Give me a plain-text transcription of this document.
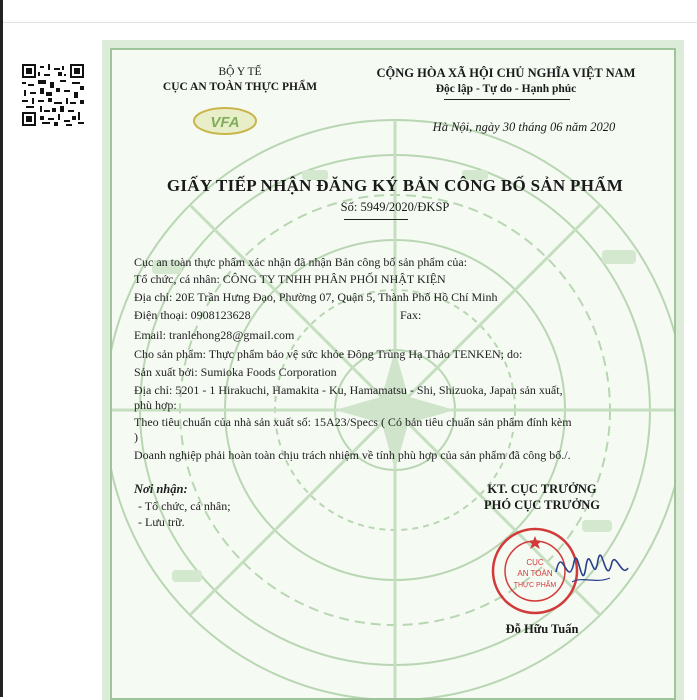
BỘ Y TẾ
CỤC AN TOÀN THỰC PHẨM
VFA
CỘNG HÒA XÃ HỘI CHỦ NGHĨA VIỆT NAM
Độc lập - Tự do - Hạnh phúc
Hà Nội, ngày 30 tháng 06 năm 2020
GIẤY TIẾP NHẬN ĐĂNG KÝ BẢN CÔNG BỐ SẢN PHẨM
Số: 5949/2020/ĐKSP
Cục an toàn thực phẩm xác nhận đã nhận Bản công bố sản phẩm của:
Tổ chức, cá nhân: CÔNG TY TNHH PHÂN PHỐI NHẬT KIỆN
Địa chỉ: 20E Trần Hưng Đạo, Phường 07, Quận 5, Thành Phố Hồ Chí Minh
Điện thoại: 0908123628	Fax:
Email: tranlehong28@gmail.com
Cho sản phẩm: Thực phẩm bảo vệ sức khỏe Đông Trùng Hạ Thảo TENKEN; do:
Sản xuất bởi: Sumioka Foods Corporation
Địa chỉ: 5201 - 1 Hirakuchi, Hamakita - Ku, Hamamatsu - Shi, Shizuoka, Japan sản xuất,
phù hợp:
Theo tiêu chuẩn của nhà sản xuất số: 15A23/Specs ( Có bản tiêu chuẩn sản phẩm đính kèm
)
Doanh nghiệp phải hoàn toàn chịu trách nhiệm về tính phù hợp của sản phẩm đã công bố./.
Nơi nhận:
- Tổ chức, cá nhân;
- Lưu trữ.
KT. CỤC TRƯỞNG
PHÓ CỤC TRƯỞNG
CỤC
AN TOÀN
THỰC PHẨM
Đỗ Hữu Tuấn
